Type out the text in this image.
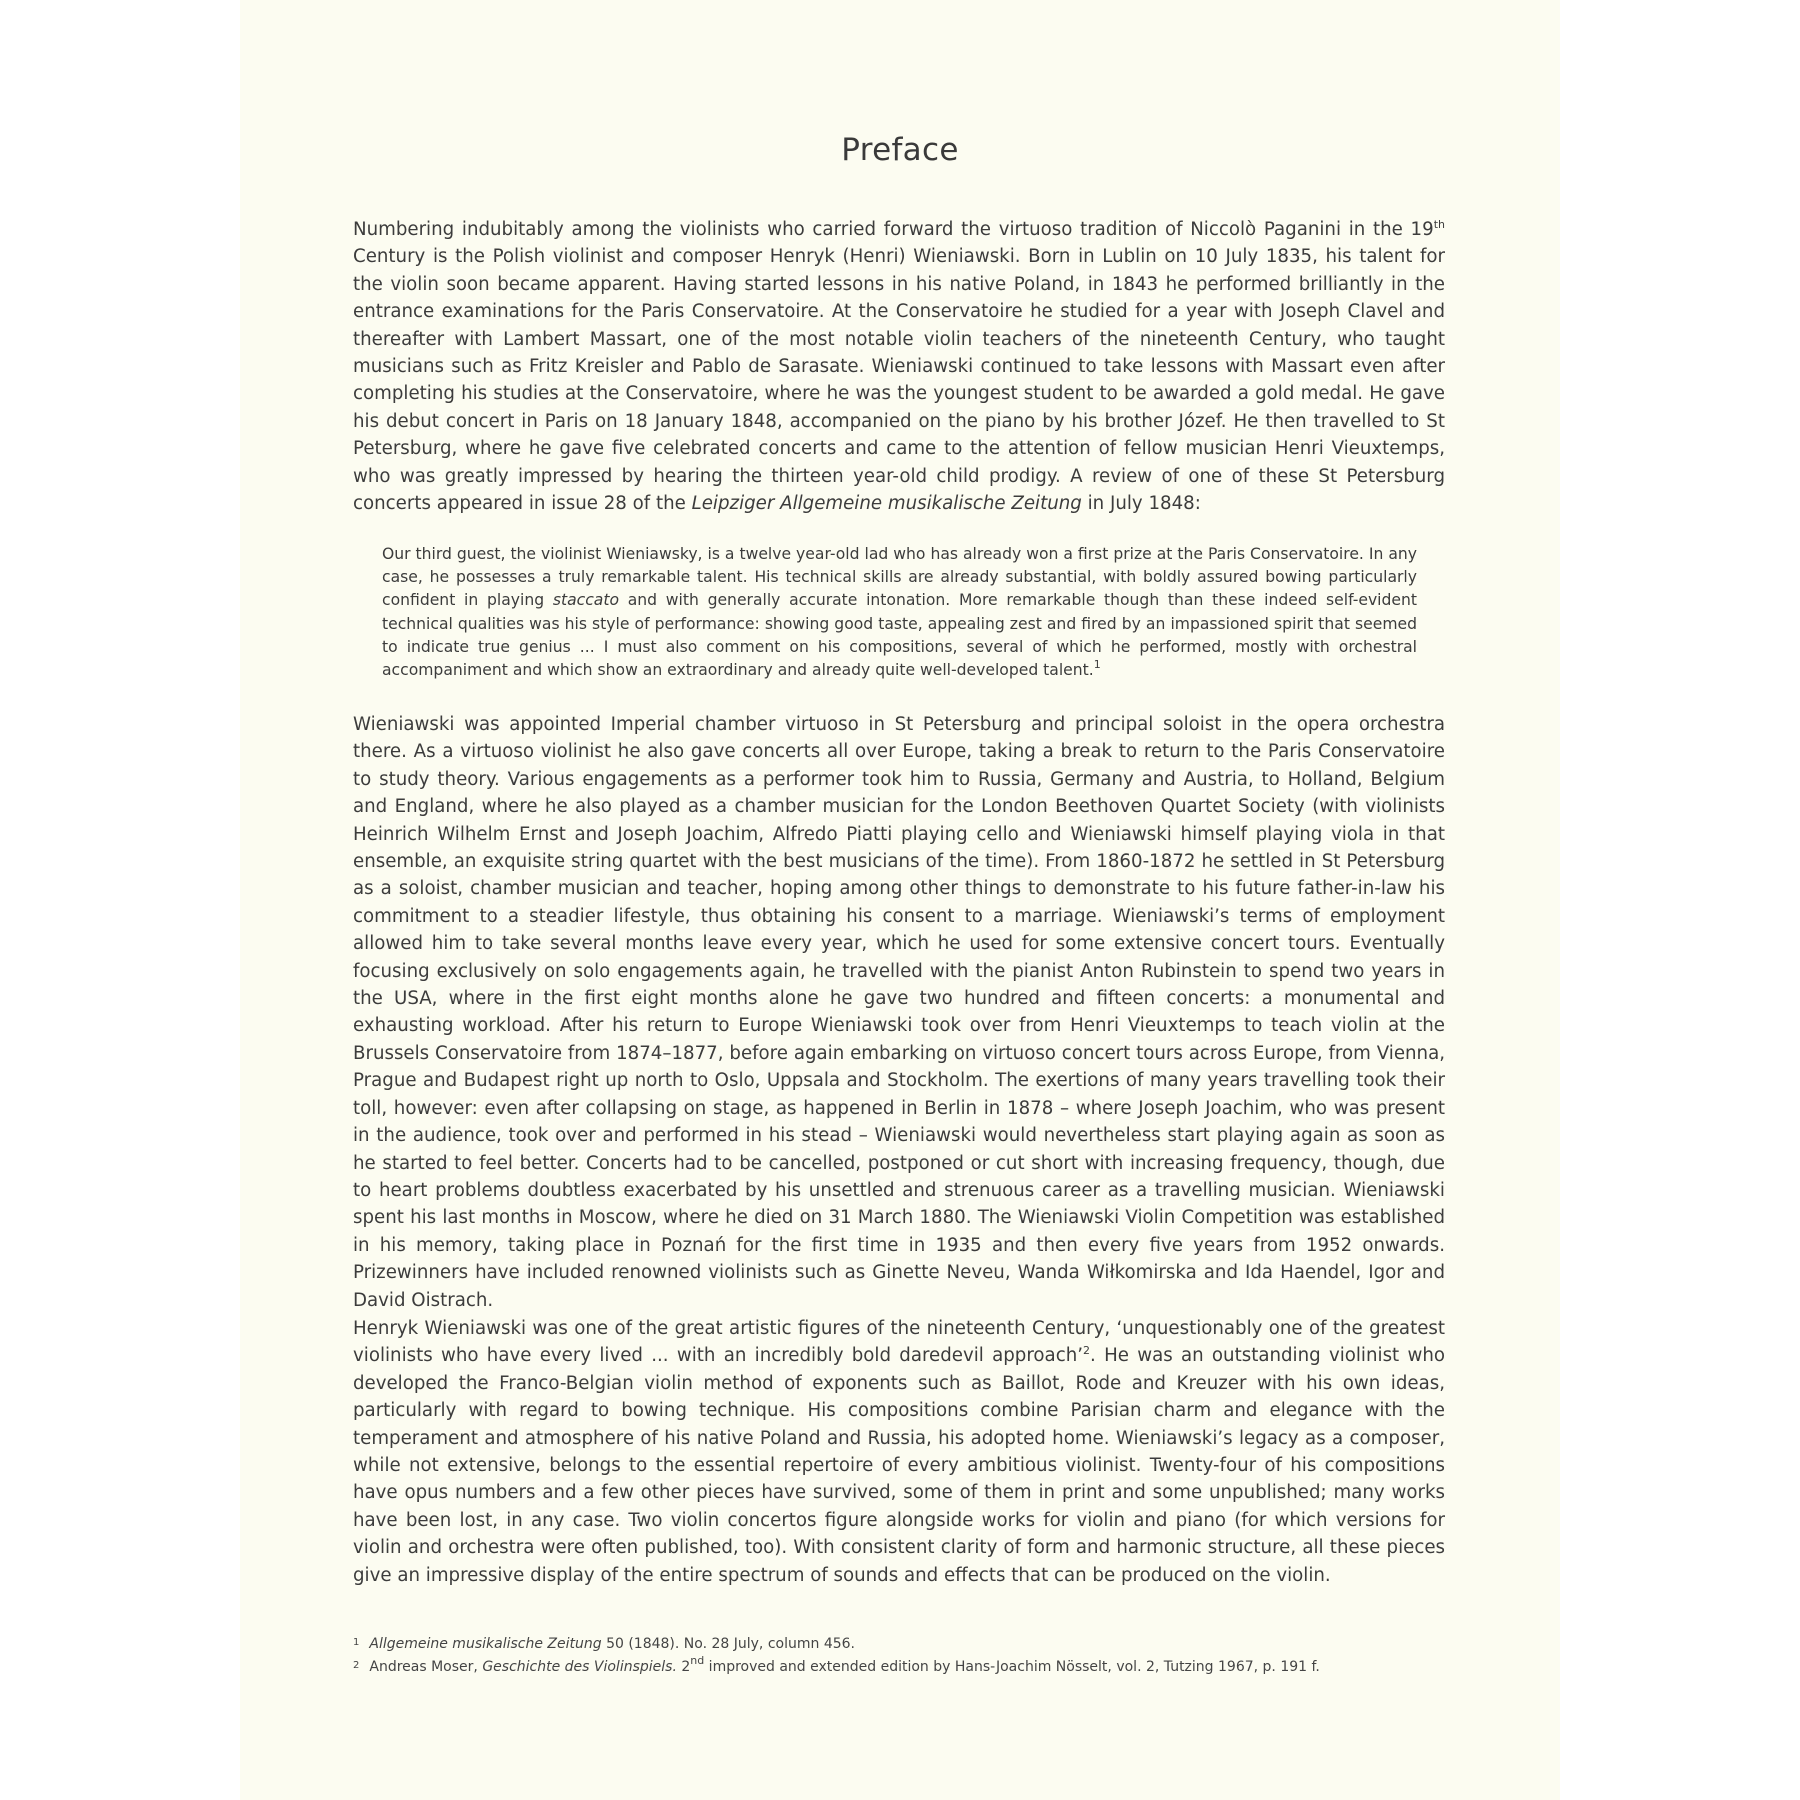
Preface

Numbering indubitably among the violinists who carried forward the virtuoso tradition of Niccolò Paganini in the 19th Century is the Polish violinist and composer Henryk (Henri) Wieniawski. Born in Lublin on 10 July 1835, his talent for the violin soon became apparent. Having started lessons in his native Poland, in 1843 he performed brilliantly in the entrance examinations for the Paris Conservatoire. At the Conservatoire he studied for a year with Joseph Clavel and thereafter with Lambert Massart, one of the most notable violin teachers of the nineteenth Century, who taught musicians such as Fritz Kreisler and Pablo de Sarasate. Wieniawski continued to take lessons with Massart even after completing his studies at the Conservatoire, where he was the youngest student to be awarded a gold medal. He gave his debut concert in Paris on 18 January 1848, accompanied on the piano by his brother Józef. He then travelled to St Petersburg, where he gave five celebrated concerts and came to the attention of fellow musician Henri Vieuxtemps, who was greatly impressed by hearing the thirteen year-old child prodigy. A review of one of these St Petersburg concerts appeared in issue 28 of the Leipziger Allgemeine musikalische Zeitung in July 1848:

Our third guest, the violinist Wieniawsky, is a twelve year-old lad who has already won a first prize at the Paris Conservatoire. In any case, he possesses a truly remarkable talent. His technical skills are already substantial, with boldly assured bowing particularly confident in playing staccato and with generally accurate intonation. More remarkable though than these indeed self-evident technical qualities was his style of performance: showing good taste, appealing zest and fired by an impassioned spirit that seemed to indicate true genius ... I must also comment on his compositions, several of which he performed, mostly with orchestral accompaniment and which show an extraordinary and already quite well-developed talent.$^1$

Wieniawski was appointed Imperial chamber virtuoso in St Petersburg and principal soloist in the opera orchestra there. As a virtuoso violinist he also gave concerts all over Europe, taking a break to return to the Paris Conservatoire to study theory. Various engagements as a performer took him to Russia, Germany and Austria, to Holland, Belgium and England, where he also played as a chamber musician for the London Beethoven Quartet Society (with violinists Heinrich Wilhelm Ernst and Joseph Joachim, Alfredo Piatti playing cello and Wieniawski himself playing viola in that ensemble, an exquisite string quartet with the best musicians of the time). From 1860-1872 he settled in St Petersburg as a soloist, chamber musician and teacher, hoping among other things to demonstrate to his future father-in-law his commitment to a steadier lifestyle, thus obtaining his consent to a marriage. Wieniawski’s terms of employment allowed him to take several months leave every year, which he used for some extensive concert tours. Eventually focusing exclusively on solo engagements again, he travelled with the pianist Anton Rubinstein to spend two years in the USA, where in the first eight months alone he gave two hundred and fifteen concerts: a monumental and exhausting workload. After his return to Europe Wieniawski took over from Henri Vieuxtemps to teach violin at the Brussels Conservatoire from 1874–1877, before again embarking on virtuoso concert tours across Europe, from Vienna, Prague and Budapest right up north to Oslo, Uppsala and Stockholm. The exertions of many years travelling took their toll, however: even after collapsing on stage, as happened in Berlin in 1878 – where Joseph Joachim, who was present in the audience, took over and performed in his stead – Wieniawski would nevertheless start playing again as soon as he started to feel better. Concerts had to be cancelled, postponed or cut short with increasing frequency, though, due to heart problems doubtless exacerbated by his unsettled and strenuous career as a travelling musician. Wieniawski spent his last months in Moscow, where he died on 31 March 1880. The Wieniawski Violin Competition was established in his memory, taking place in Poznań for the first time in 1935 and then every five years from 1952 onwards. Prizewinners have included renowned violinists such as Ginette Neveu, Wanda Wiłkomirska and Ida Haendel, Igor and David Oistrach.

Henryk Wieniawski was one of the great artistic figures of the nineteenth Century, ‘unquestionably one of the greatest violinists who have every lived ... with an incredibly bold daredevil approach’$^2$. He was an outstanding violinist who developed the Franco-Belgian violin method of exponents such as Baillot, Rode and Kreuzer with his own ideas, particularly with regard to bowing technique. His compositions combine Parisian charm and elegance with the temperament and atmosphere of his native Poland and Russia, his adopted home. Wieniawski’s legacy as a composer, while not extensive, belongs to the essential repertoire of every ambitious violinist. Twenty-four of his compositions have opus numbers and a few other pieces have survived, some of them in print and some unpublished; many works have been lost, in any case. Two violin concertos figure alongside works for violin and piano (for which versions for violin and orchestra were often published, too). With consistent clarity of form and harmonic structure, all these pieces give an impressive display of the entire spectrum of sounds and effects that can be produced on the violin.

$^1$ Allgemeine musikalische Zeitung 50 (1848). No. 28 July, column 456.

$^2$ Andreas Moser, Geschichte des Violinspiels. 2nd improved and extended edition by Hans-Joachim Nösselt, vol. 2, Tutzing 1967, p. 191 f.
